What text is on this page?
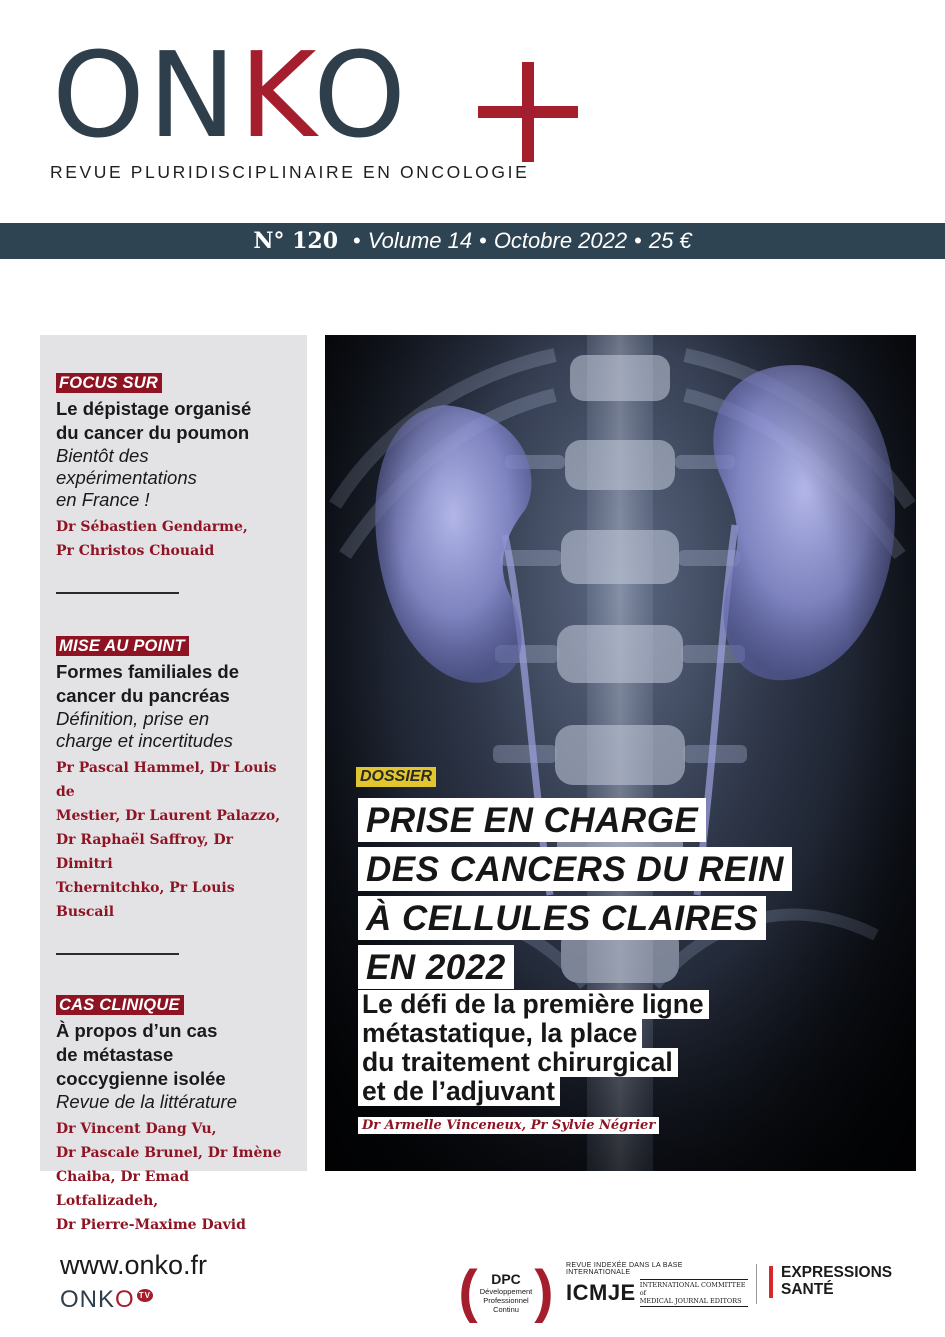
ONKO
REVUE PLURIDISCIPLINAIRE EN ONCOLOGIE
N° 120 • Volume 14 • Octobre 2022 • 25 €
FOCUS SUR
Le dépistage organisé
du cancer du poumon
Bientôt des
expérimentations
en France !
Dr Sébastien Gendarme,
Pr Christos Chouaid
MISE AU POINT
Formes familiales de
cancer du pancréas
Définition, prise en
charge et incertitudes
Pr Pascal Hammel, Dr Louis de
Mestier, Dr Laurent Palazzo,
Dr Raphaël Saffroy, Dr Dimitri
Tchernitchko, Pr Louis Buscail
CAS CLINIQUE
À propos d’un cas
de métastase
coccygienne isolée
Revue de la littérature
Dr Vincent Dang Vu,
Dr Pascale Brunel, Dr Imène
Chaiba, Dr Emad Lotfalizadeh,
Dr Pierre-Maxime David
DOSSIER
PRISE EN CHARGE
DES CANCERS DU REIN
À CELLULES CLAIRES
EN 2022
Le défi de la première ligne
métastatique, la place
du traitement chirurgical
et de l’adjuvant
Dr Armelle Vinceneux, Pr Sylvie Négrier
www.onko.fr
ONK O TV	( DPC
Développement
Professionnel
Continu ) REVUE INDEXÉE DANS LA BASE INTERNATIONALE
ICMJE INTERNATIONAL COMMITTEE of
MEDICAL JOURNAL EDITORS
EXPRESSIONS
SANTÉ
